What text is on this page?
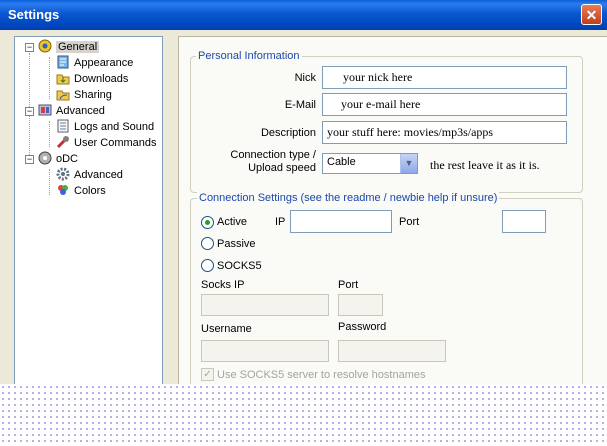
Settings	✕
−
−
−
General
Appearance
Downloads
Sharing
Advanced
Logs and Sound
User Commands
oDC
Advanced
Colors
Personal Information
Nick	your nick here
E-Mail	your e-mail here
Description your stuff here: movies/mp3s/apps
Connection type /
Upload speed	Cable	▼ the rest leave it as it is.
Connection Settings (see the readme / newbie help if unsure)
Active	IP	Port
Passive
SOCKS5
Socks IP	Port
Username	Password
✓ Use SOCKS5 server to resolve hostnames
